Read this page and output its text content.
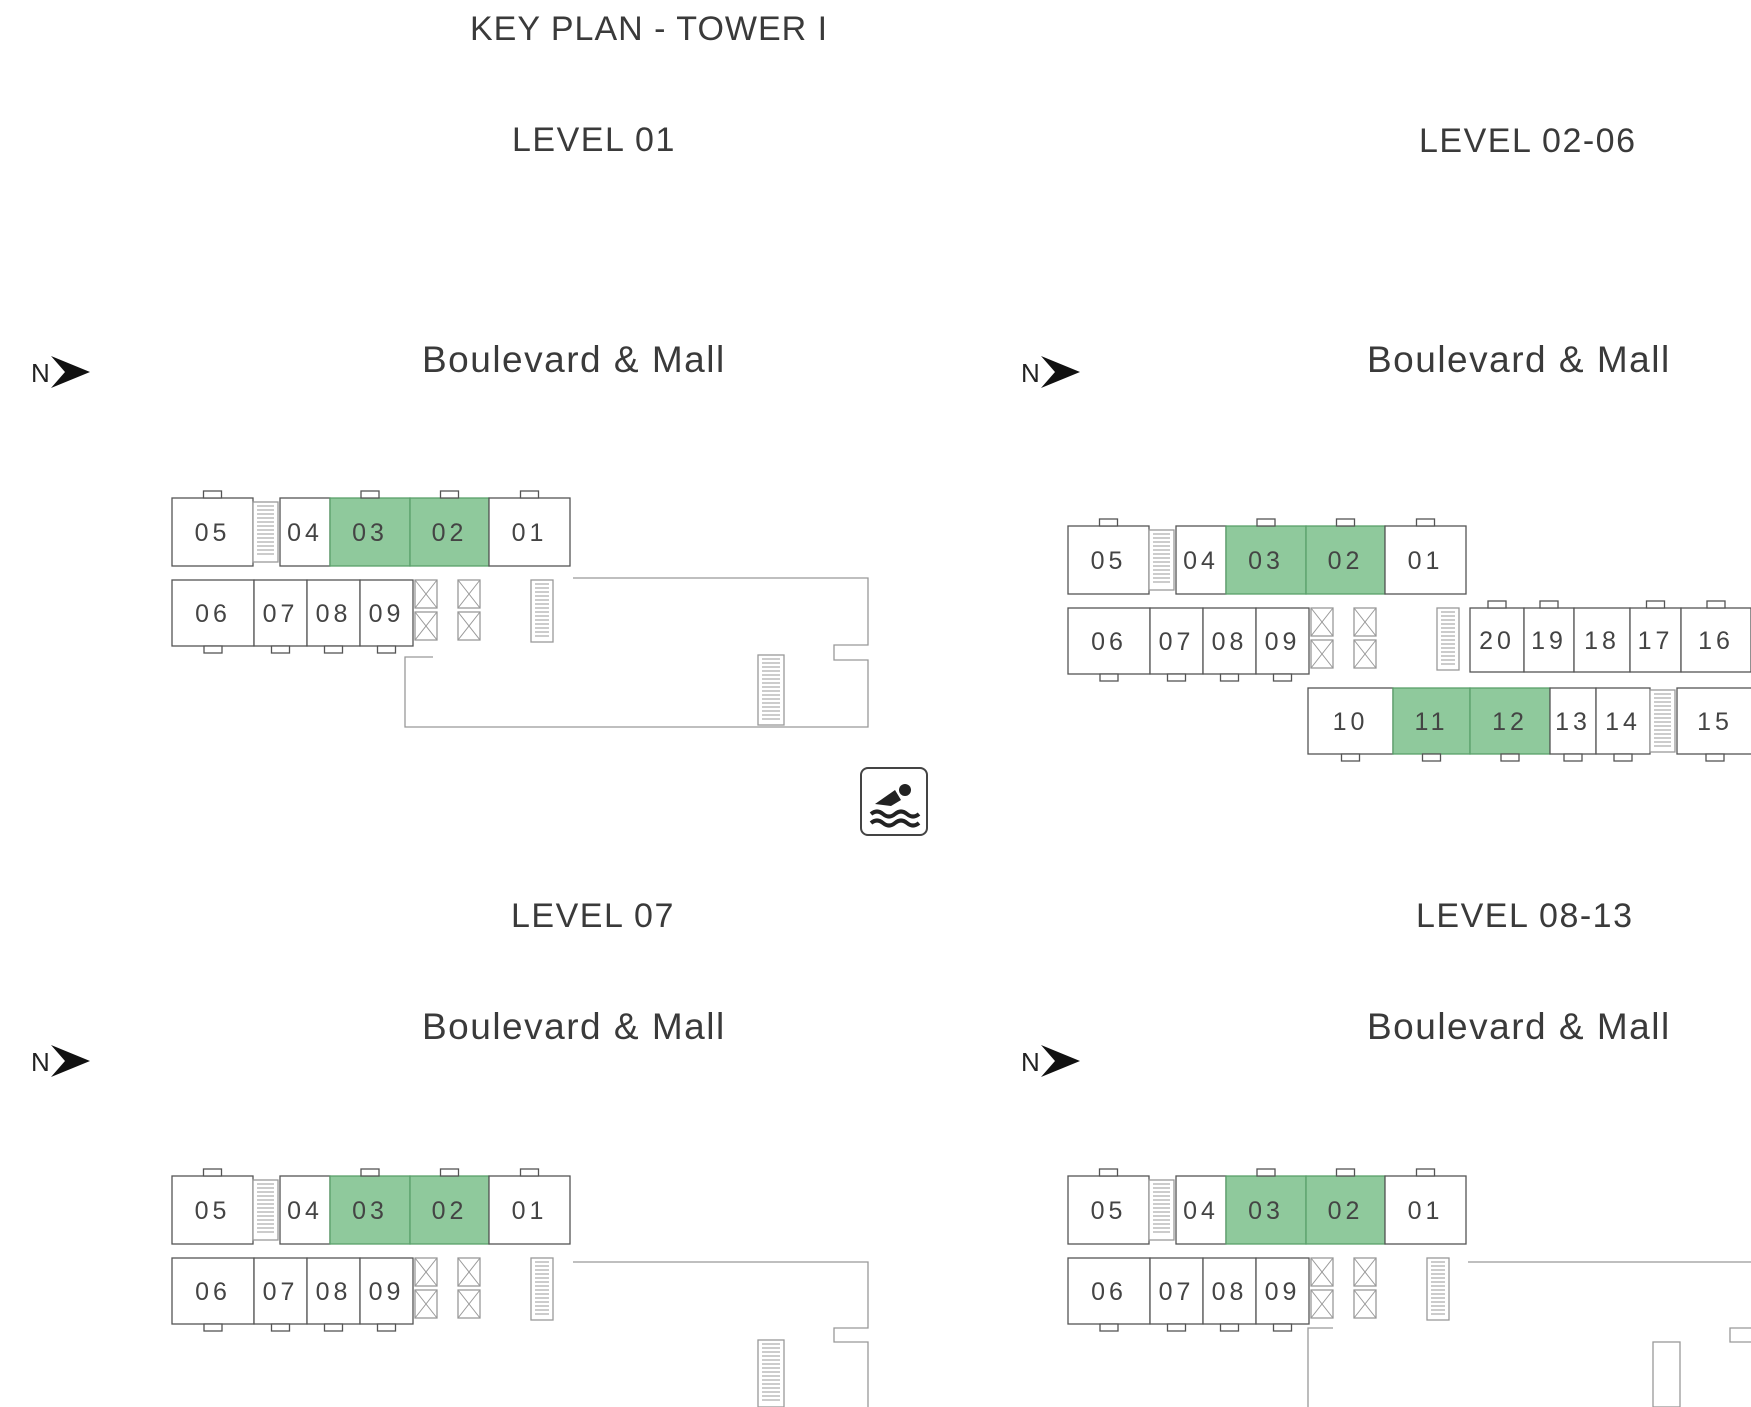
KEY PLAN - TOWER I
LEVEL 01	LEVEL 02-06
LEVEL 07	LEVEL 08-13
Boulevard & Mall	Boulevard & Mall
Boulevard & Mall	Boulevard & Mall
N	N
N	N
05 04 03 02 01
06 07 08 09
05 04 03 02 01
06 07 08 09	20 19 18 17 16
10 11 12 13 14 15
05 04 03 02 01
06 07 08 09
05 04 03 02 01
06 07 08 09
